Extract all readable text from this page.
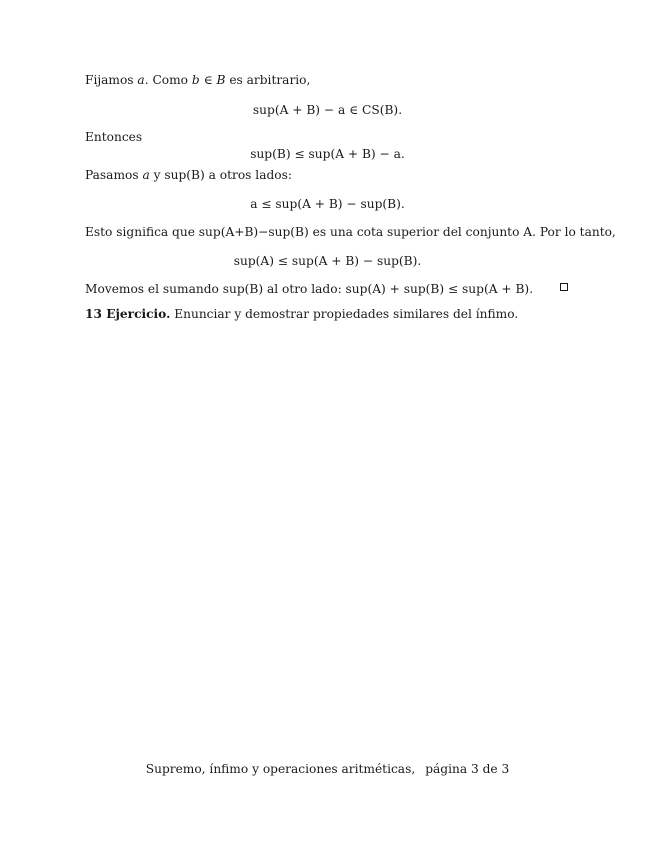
Fijamos a. Como b ∈ B es arbitrario,
sup(A + B) − a ∈ CS(B).
Entonces
sup(B) ≤ sup(A + B) − a.
Pasamos a y sup(B) a otros lados:
a ≤ sup(A + B) − sup(B).
Esto significa que sup(A+B)−sup(B) es una cota superior del conjunto A. Por lo tanto,
sup(A) ≤ sup(A + B) − sup(B).
Movemos el sumando sup(B) al otro lado: sup(A) + sup(B) ≤ sup(A + B).
13 Ejercicio. Enunciar y demostrar propiedades similares del ínfimo.
Supremo, ínfimo y operaciones aritméticas, página 3 de 3
